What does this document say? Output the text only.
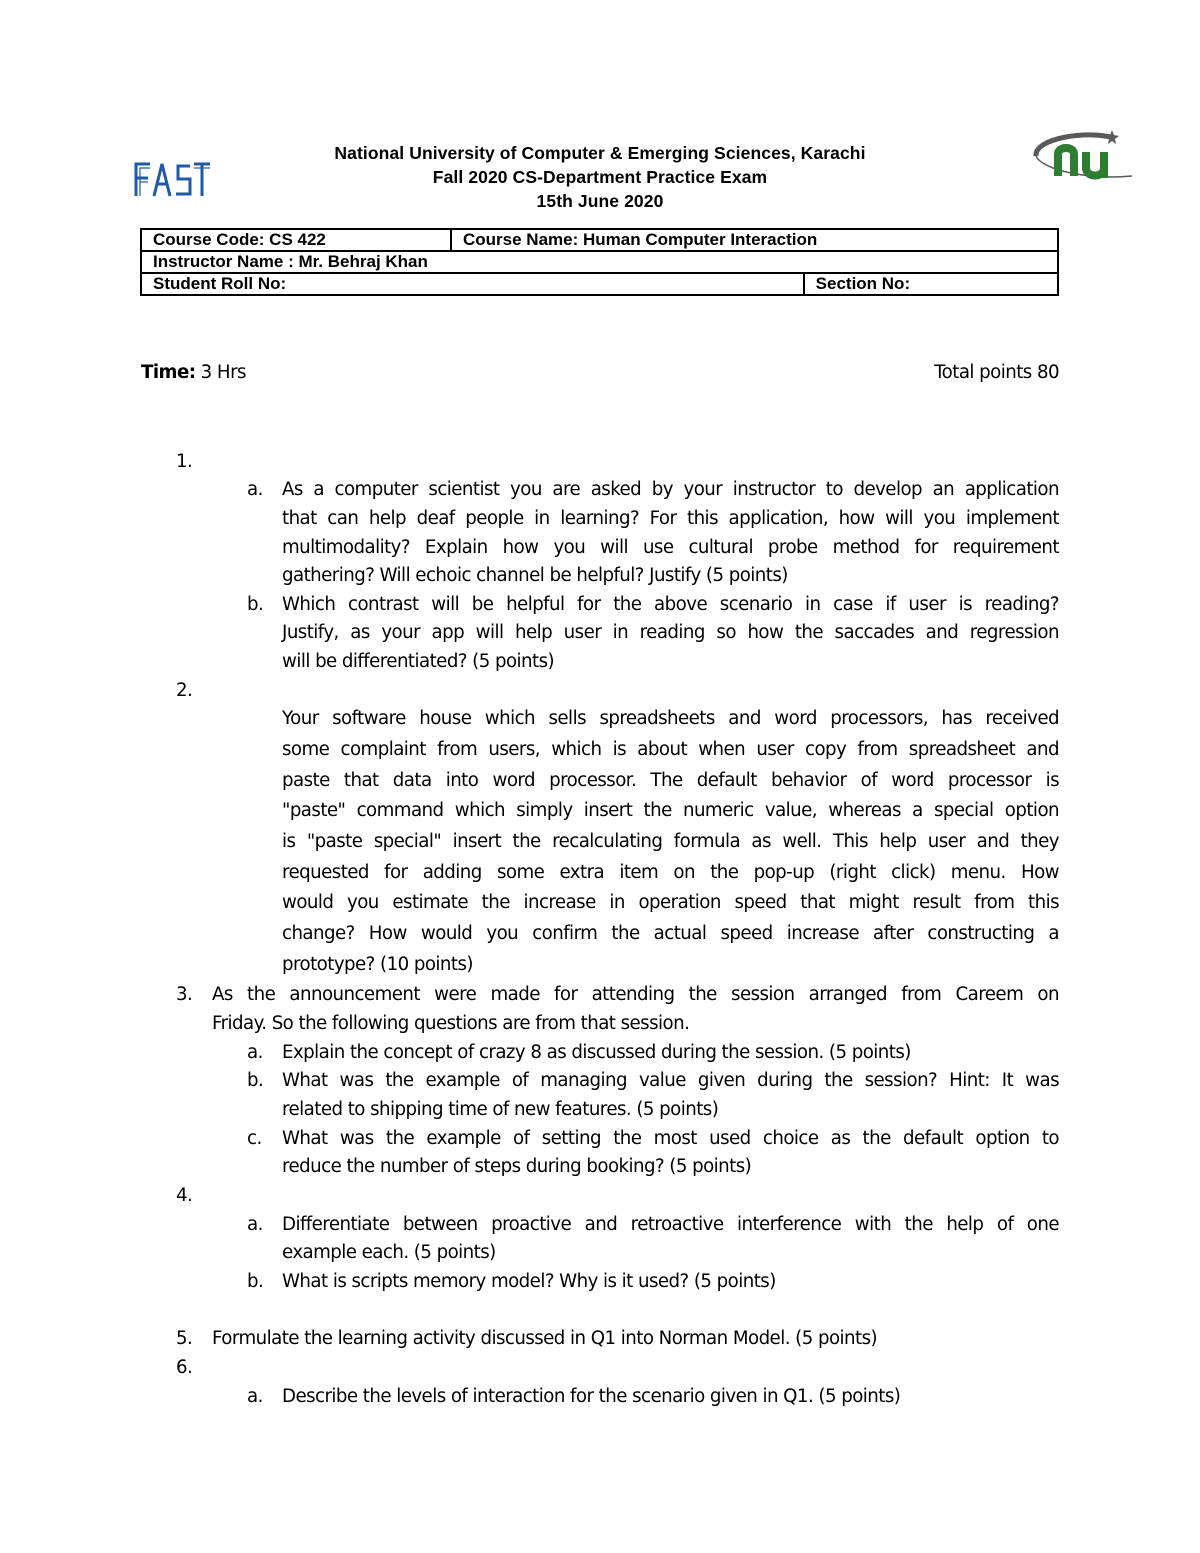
FAST
nu
National University of Computer & Emerging Sciences, Karachi
Fall 2020 CS-Department Practice Exam
15th June 2020
Course Code: CS 422	Course Name: Human Computer Interaction	
Instructor Name : Mr. Behraj Khan		
Student Roll No:		Section No:
Time: 3 Hrs	Total points 80
1.
a. As a computer scientist you are asked by your instructor to develop an application
that can help deaf people in learning? For this application, how will you implement
multimodality? Explain how you will use cultural probe method for requirement
gathering? Will echoic channel be helpful? Justify (5 points)
b. Which contrast will be helpful for the above scenario in case if user is reading?
Justify, as your app will help user in reading so how the saccades and regression
will be differentiated? (5 points)
2.
Your software house which sells spreadsheets and word processors, has received
some complaint from users, which is about when user copy from spreadsheet and
paste that data into word processor. The default behavior of word processor is
"paste" command which simply insert the numeric value, whereas a special option
is "paste special" insert the recalculating formula as well. This help user and they
requested for adding some extra item on the pop-up (right click) menu. How
would you estimate the increase in operation speed that might result from this
change? How would you confirm the actual speed increase after constructing a
prototype? (10 points)
3. As the announcement were made for attending the session arranged from Careem on
Friday. So the following questions are from that session.
a. Explain the concept of crazy 8 as discussed during the session. (5 points)
b. What was the example of managing value given during the session? Hint: It was
related to shipping time of new features. (5 points)
c. What was the example of setting the most used choice as the default option to
reduce the number of steps during booking? (5 points)
4.
a. Differentiate between proactive and retroactive interference with the help of one
example each. (5 points)
b. What is scripts memory model? Why is it used? (5 points)
5. Formulate the learning activity discussed in Q1 into Norman Model. (5 points)
6.
a. Describe the levels of interaction for the scenario given in Q1. (5 points)
